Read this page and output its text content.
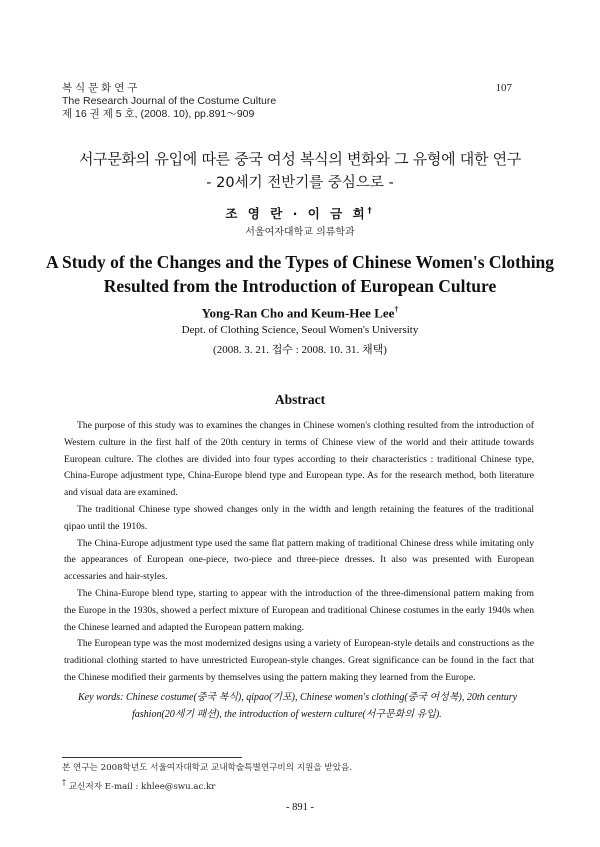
복 식 문 화 연 구
The Research Journal of the Costume Culture
제 16 권 제 5 호, (2008. 10), pp.891～909
107
서구문화의 유입에 따른 중국 여성 복식의 변화와 그 유형에 대한 연구
- 20세기 전반기를 중심으로 -
조 영 란 · 이 금 희†
서울여자대학교 의류학과
A Study of the Changes and the Types of Chinese Women's Clothing
Resulted from the Introduction of European Culture
Yong-Ran Cho and Keum-Hee Lee†
Dept. of Clothing Science, Seoul Women's University
(2008. 3. 21. 접수 : 2008. 10. 31. 채택)
Abstract

The purpose of this study was to examines the changes in Chinese women's clothing resulted from the introduction of Western culture in the first half of the 20th century in terms of Chinese view of the world and their attitude towards European culture. The clothes are divided into four types according to their characteristics : traditional Chinese type, China-Europe adjustment type, China-Europe blend type and European type. As for the research method, both literature and visual data are examined.

The traditional Chinese type showed changes only in the width and length retaining the features of the traditional qipao until the 1910s.

The China-Europe adjustment type used the same flat pattern making of traditional Chinese dress while imitating only the appearances of European one-piece, two-piece and three-piece dresses. It also was presented with European accessaries and hair-styles.

The China-Europe blend type, starting to appear with the introduction of the three-dimensional pattern making from the Europe in the 1930s, showed a perfect mixture of European and traditional Chinese costumes in the early 1940s when the Chinese learned and adapted the European pattern making.

The European type was the most modernized designs using a variety of European-style details and constructions as the traditional clothing started to have unrestricted European-style changes. Great significance can be found in the fact that the Chinese modified their garments by themselves using the pattern making they learned from the Europe.

Key words: Chinese costume(중국 복식), qipao(기포), Chinese women's clothing(중국 여성복), 20th century
fashion(20세기 패션), the introduction of western culture(서구문화의 유입).
본 연구는 2008학년도 서울여자대학교 교내학술특별연구비의 지원을 받았음.
† 교신저자 E-mail : khlee@swu.ac.kr
- 891 -
